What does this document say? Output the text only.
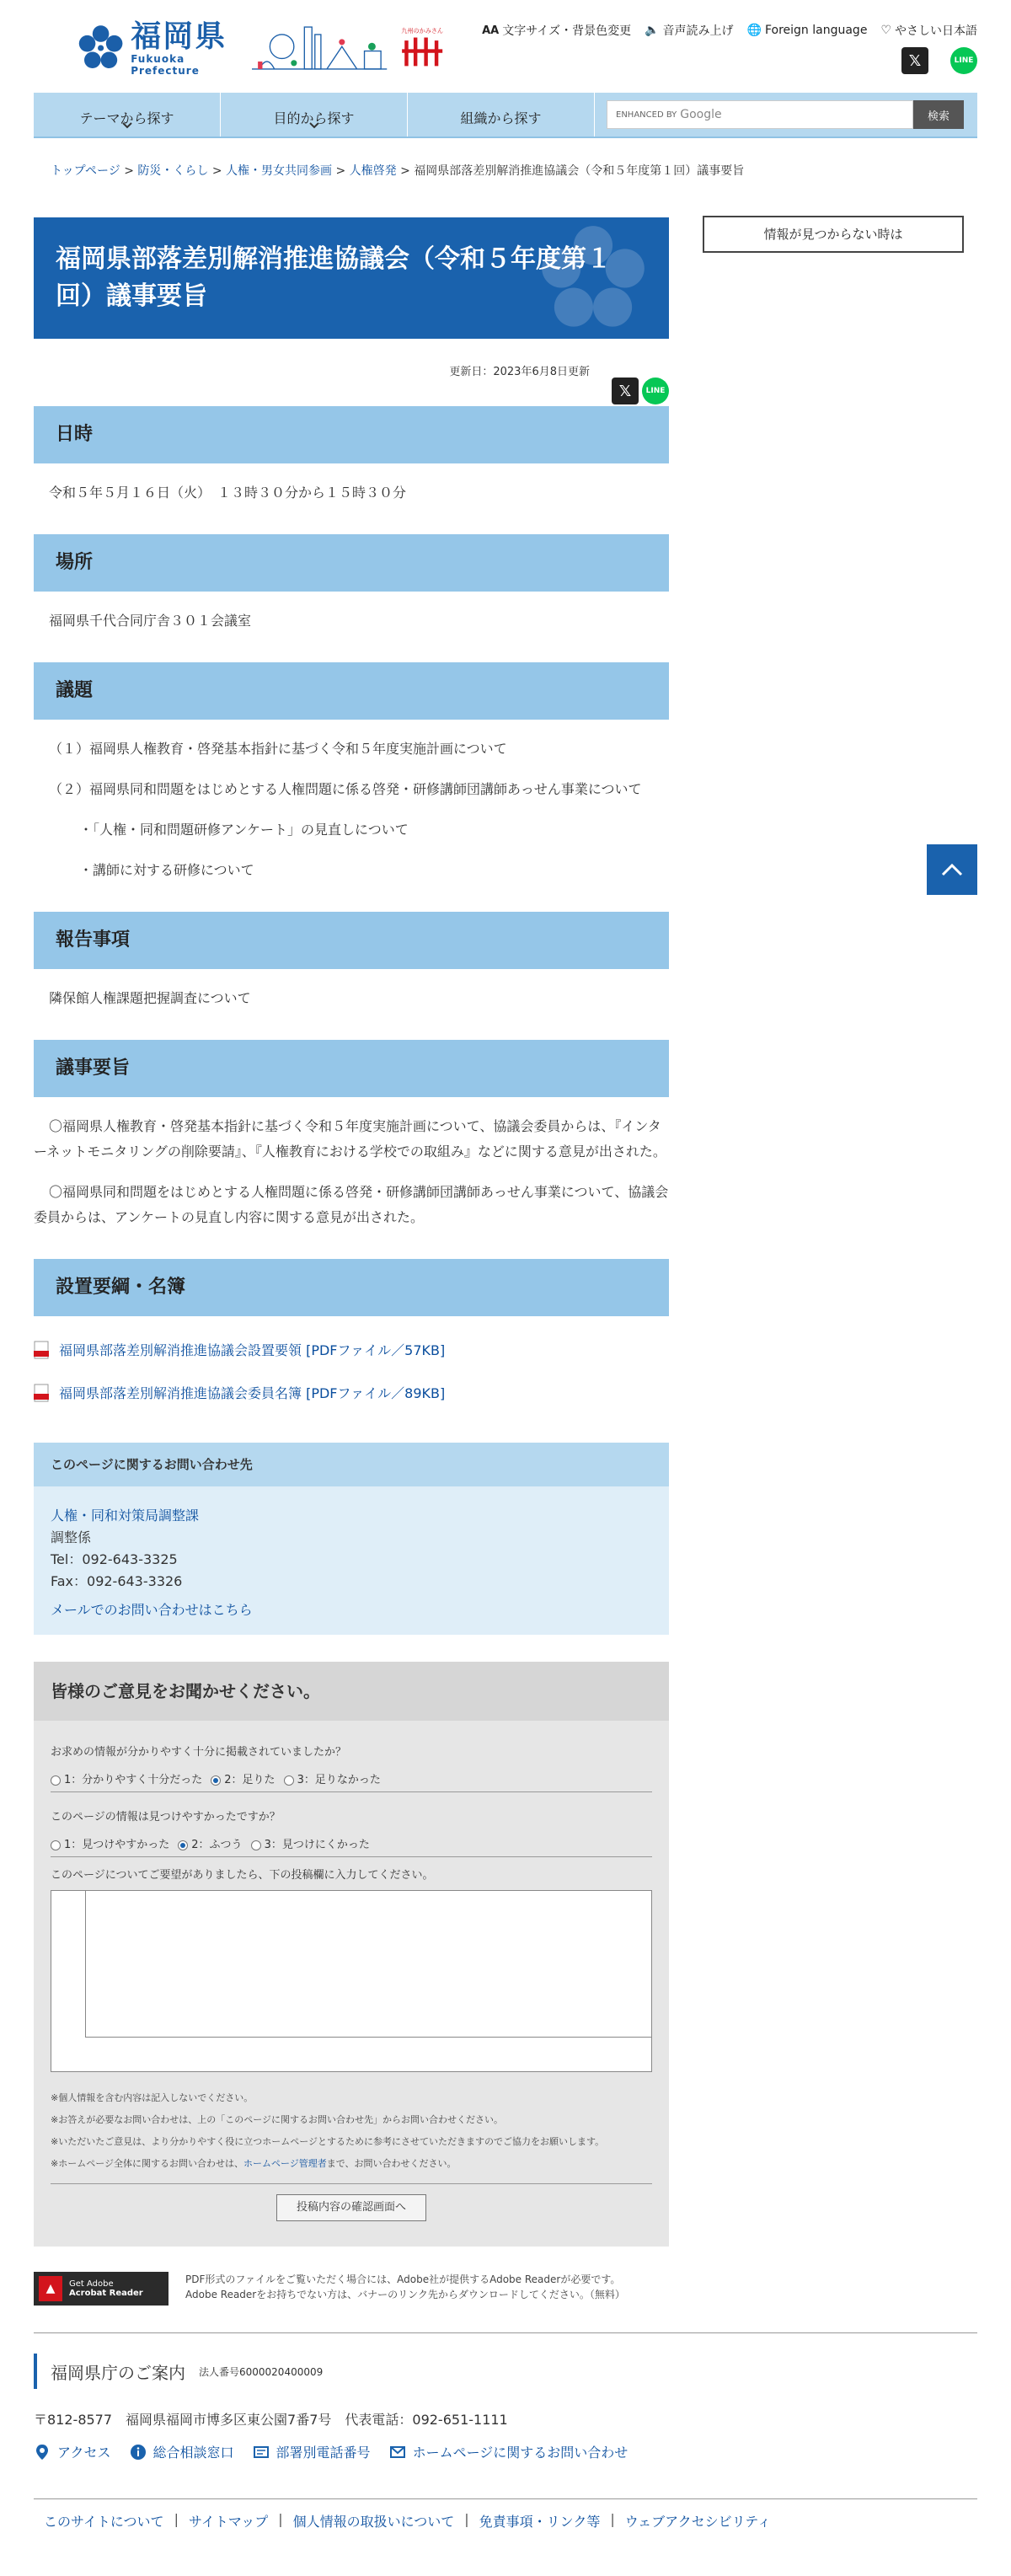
福岡県
Fukuoka Prefecture
九州のかみさん	AA 文字サイズ・背景色変更 🔈 音声読み上げ 🌐 Foreign language ♡ やさしい日本語
𝕏	LINE
テーマから探す	目的から探す	組織から探す	ENHANCED BY Google	検索
トップページ > 防災・くらし > 人権・男女共同参画 > 人権啓発 > 福岡県部落差別解消推進協議会（令和５年度第１回）議事要旨
福岡県部落差別解消推進協議会（令和５年度第１回）議事要旨
更新日：2023年6月8日更新
𝕏	LINE
日時

令和５年５月１６日（火）　１３時３０分から１５時３０分

場所

福岡県千代合同庁舎３０１会議室

議題

（１）福岡県人権教育・啓発基本指針に基づく令和５年度実施計画について

（２）福岡県同和問題をはじめとする人権問題に係る啓発・研修講師団講師あっせん事業について

・「人権・同和問題研修アンケート」の見直しについて

・講師に対する研修について

報告事項

隣保館人権課題把握調査について

議事要旨

〇福岡県人権教育・啓発基本指針に基づく令和５年度実施計画について、協議会委員からは、『インターネットモニタリングの削除要請』、『人権教育における学校での取組み』などに関する意見が出された。

〇福岡県同和問題をはじめとする人権問題に係る啓発・研修講師団講師あっせん事業について、協議会委員からは、アンケートの見直し内容に関する意見が出された。

設置要綱・名簿
福岡県部落差別解消推進協議会設置要領 [PDFファイル／57KB]
福岡県部落差別解消推進協議会委員名簿 [PDFファイル／89KB]
このページに関するお問い合わせ先
人権・同和対策局調整課
調整係
Tel：092-643-3325
Fax：092-643-3326
メールでのお問い合わせはこちら
皆様のご意見をお聞かせください。
お求めの情報が分かりやすく十分に掲載されていましたか？
1：分かりやすく十分だった	2：足りた	3：足りなかった
このページの情報は見つけやすかったですか？
1：見つけやすかった	2：ふつう	3：見つけにくかった
このページについてご要望がありましたら、下の投稿欄に入力してください。
※個人情報を含む内容は記入しないでください。
※お答えが必要なお問い合わせは、上の「このページに関するお問い合わせ先」からお問い合わせください。
※いただいたご意見は、より分かりやすく役に立つホームページとするために参考にさせていただきますのでご協力をお願いします。
※ホームページ全体に関するお問い合わせは、ホームページ管理者まで、お問い合わせください。
投稿内容の確認画面へ
▲	Get Adobe
Acrobat Reader
PDF形式のファイルをご覧いただく場合には、Adobe社が提供するAdobe Readerが必要です。
Adobe Readerをお持ちでない方は、バナーのリンク先からダウンロードしてください。（無料）
情報が見つからない時は
福岡県庁のご案内 法人番号6000020400009
〒812-8577　福岡県福岡市博多区東公園7番7号　代表電話：092-651-1111
アクセス	総合相談窓口	部署別電話番号	ホームページに関するお問い合わせ
このサイトについて | サイトマップ | 個人情報の取扱いについて | 免責事項・リンク等 | ウェブアクセシビリティ
